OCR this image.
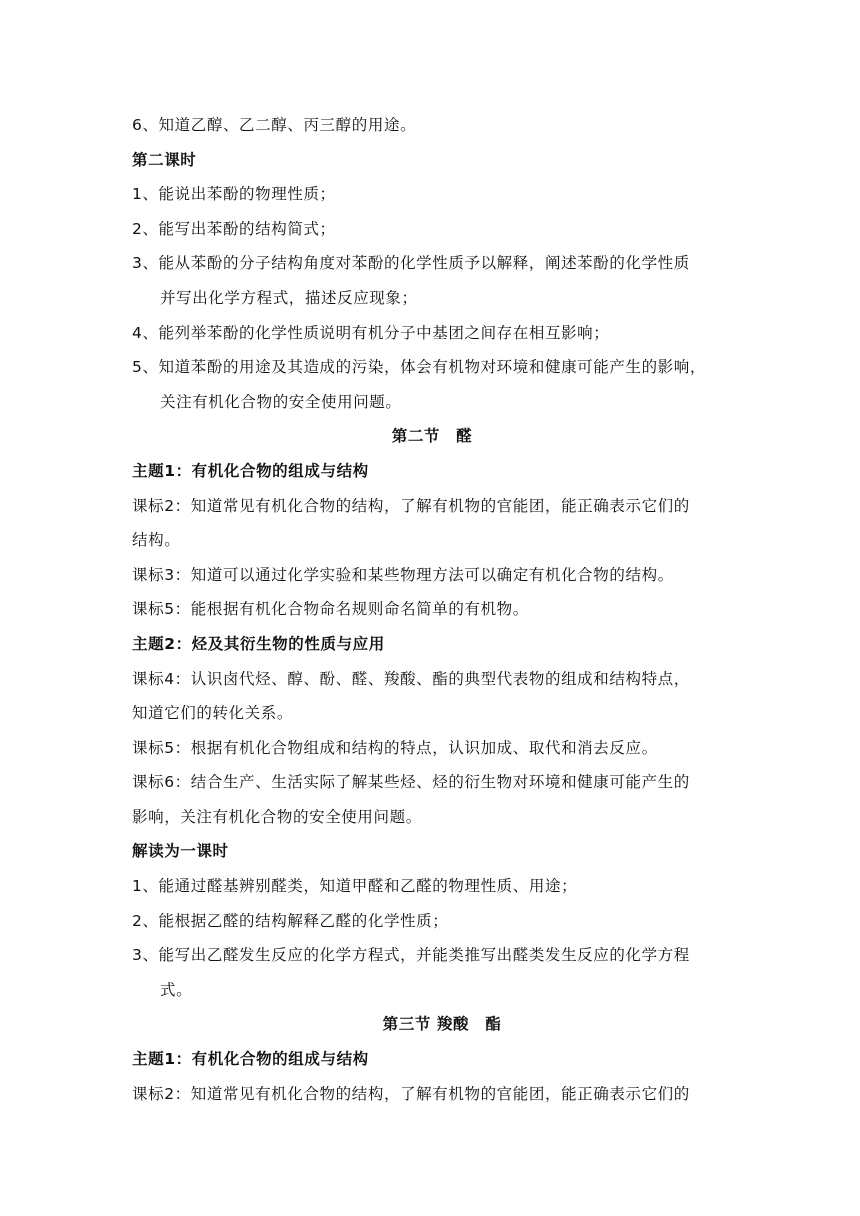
6、知道乙醇、乙二醇、丙三醇的用途。
第二课时
1、能说出苯酚的物理性质；
2、能写出苯酚的结构简式；
3、能从苯酚的分子结构角度对苯酚的化学性质予以解释，阐述苯酚的化学性质
并写出化学方程式，描述反应现象；
4、能列举苯酚的化学性质说明有机分子中基团之间存在相互影响；
5、知道苯酚的用途及其造成的污染，体会有机物对环境和健康可能产生的影响，
关注有机化合物的安全使用问题。
第二节　醛
主题1：有机化合物的组成与结构
课标2：知道常见有机化合物的结构，了解有机物的官能团，能正确表示它们的
结构。
课标3：知道可以通过化学实验和某些物理方法可以确定有机化合物的结构。
课标5：能根据有机化合物命名规则命名简单的有机物。
主题2：烃及其衍生物的性质与应用
课标4：认识卤代烃、醇、酚、醛、羧酸、酯的典型代表物的组成和结构特点，
知道它们的转化关系。
课标5：根据有机化合物组成和结构的特点，认识加成、取代和消去反应。
课标6：结合生产、生活实际了解某些烃、烃的衍生物对环境和健康可能产生的
影响，关注有机化合物的安全使用问题。
解读为一课时
1、能通过醛基辨别醛类，知道甲醛和乙醛的物理性质、用途；
2、能根据乙醛的结构解释乙醛的化学性质；
3、能写出乙醛发生反应的化学方程式，并能类推写出醛类发生反应的化学方程
式。
第三节 羧酸　酯
主题1：有机化合物的组成与结构
课标2：知道常见有机化合物的结构，了解有机物的官能团，能正确表示它们的
